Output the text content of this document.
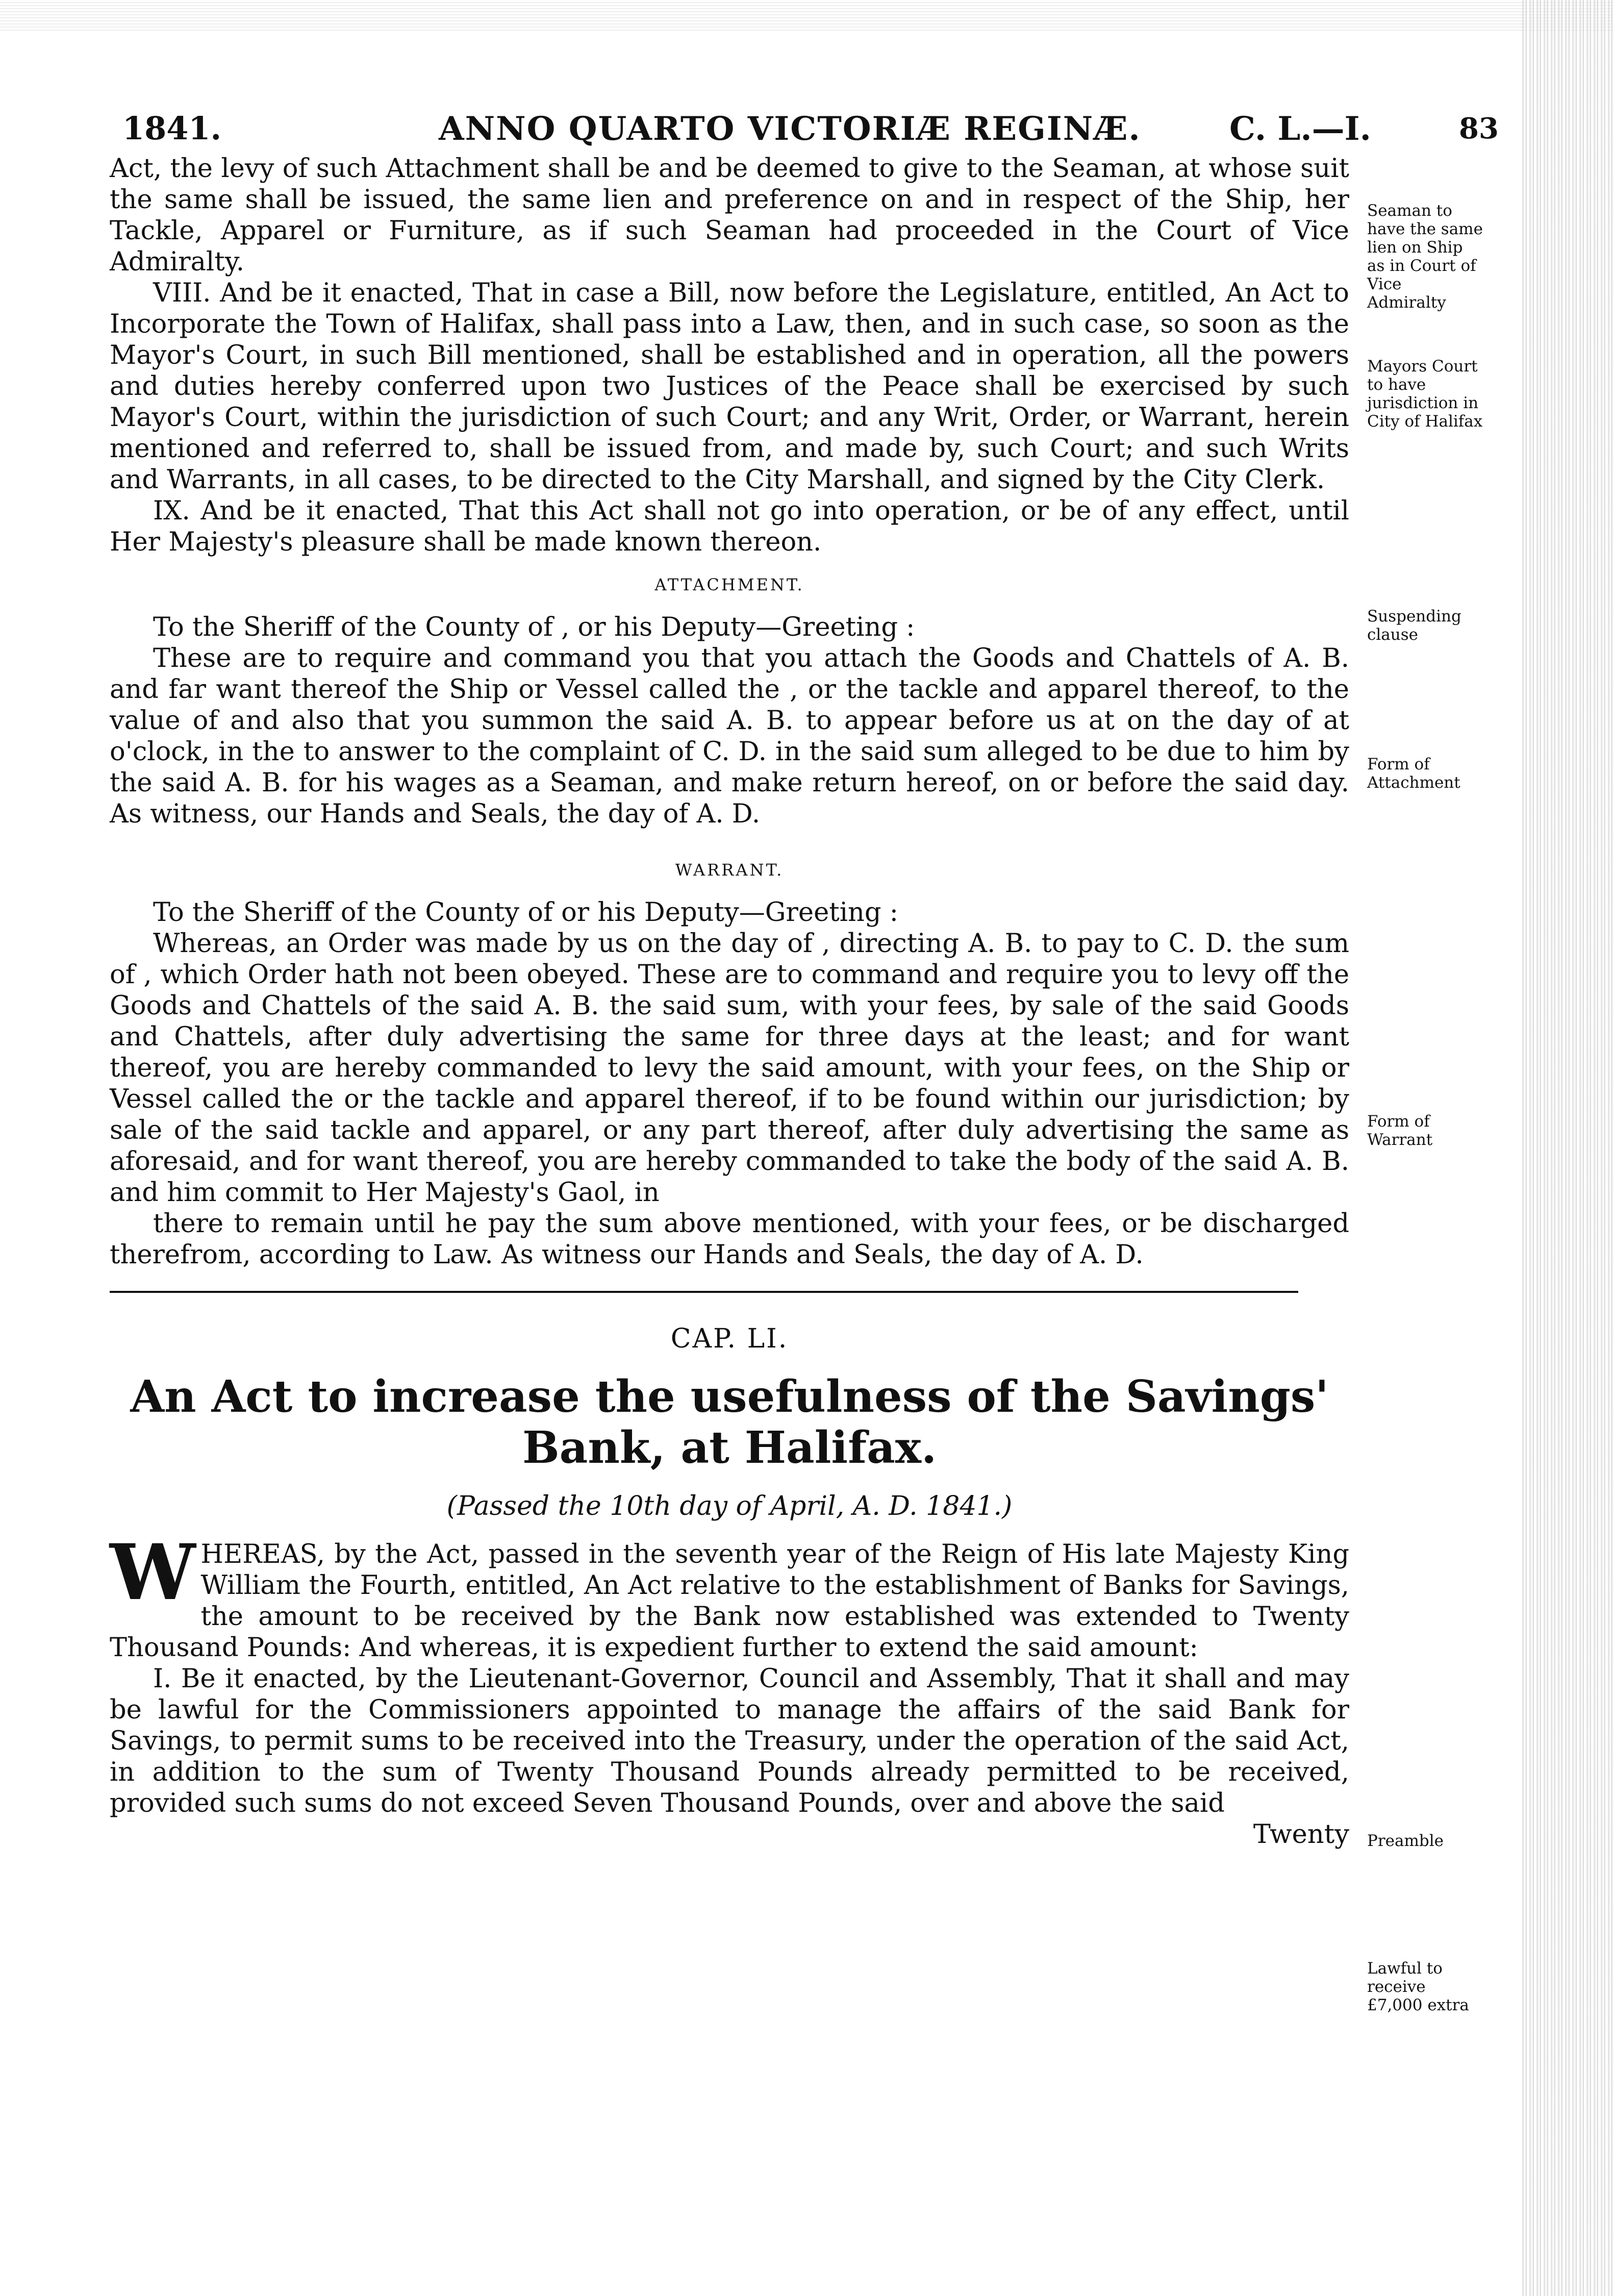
1841.	ANNO QUARTO VICTORIÆ REGINÆ.	C. L.—I.	83

Act, the levy of such Attachment shall be and be deemed to give to the Seaman, at whose suit the same shall be issued, the same lien and preference on and in respect of the Ship, her Tackle, Apparel or Furniture, as if such Seaman had proceeded in the Court of Vice Admiralty.

VIII. And be it enacted, That in case a Bill, now before the Legislature, entitled, An Act to Incorporate the Town of Halifax, shall pass into a Law, then, and in such case, so soon as the Mayor's Court, in such Bill mentioned, shall be established and in operation, all the powers and duties hereby conferred upon two Justices of the Peace shall be exercised by such Mayor's Court, within the jurisdiction of such Court; and any Writ, Order, or Warrant, herein mentioned and referred to, shall be issued from, and made by, such Court; and such Writs and Warrants, in all cases, to be directed to the City Marshall, and signed by the City Clerk.

IX. And be it enacted, That this Act shall not go into operation, or be of any effect, until Her Majesty's pleasure shall be made known thereon.

ATTACHMENT.

To the Sheriff of the County of , or his Deputy—Greeting :

These are to require and command you that you attach the Goods and Chattels of A. B. and far want thereof the Ship or Vessel called the , or the tackle and apparel thereof, to the value of and also that you summon the said A. B. to appear before us at on the day of at o'clock, in the to answer to the complaint of C. D. in the said sum alleged to be due to him by the said A. B. for his wages as a Seaman, and make return hereof, on or before the said day. As witness, our Hands and Seals, the day of A. D.

WARRANT.

To the Sheriff of the County of or his Deputy—Greeting :

Whereas, an Order was made by us on the day of , directing A. B. to pay to C. D. the sum of , which Order hath not been obeyed. These are to command and require you to levy off the Goods and Chattels of the said A. B. the said sum, with your fees, by sale of the said Goods and Chattels, after duly advertising the same for three days at the least; and for want thereof, you are hereby commanded to levy the said amount, with your fees, on the Ship or Vessel called the or the tackle and apparel thereof, if to be found within our jurisdiction; by sale of the said tackle and apparel, or any part thereof, after duly advertising the same as aforesaid, and for want thereof, you are hereby commanded to take the body of the said A. B. and him commit to Her Majesty's Gaol, in

there to remain until he pay the sum above mentioned, with your fees, or be discharged therefrom, according to Law. As witness our Hands and Seals, the day of A. D.

CAP. LI.

An Act to increase the usefulness of the Savings' Bank, at Halifax.

(Passed the 10th day of April, A. D. 1841.)

W HEREAS, by the Act, passed in the seventh year of the Reign of His late Majesty King William the Fourth, entitled, An Act relative to the establishment of Banks for Savings, the amount to be received by the Bank now established was extended to Twenty Thousand Pounds: And whereas, it is expedient further to extend the said amount:

I. Be it enacted, by the Lieutenant-Governor, Council and Assembly, That it shall and may be lawful for the Commissioners appointed to manage the affairs of the said Bank for Savings, to permit sums to be received into the Treasury, under the operation of the said Act, in addition to the sum of Twenty Thousand Pounds already permitted to be received, provided such sums do not exceed Seven Thousand Pounds, over and above the said

Twenty

Seaman to have the same lien on Ship as in Court of Vice Admiralty
Mayors Court to have jurisdiction in City of Halifax
Suspending clause
Form of Attachment
Form of Warrant
Preamble
Lawful to receive £7,000 extra
